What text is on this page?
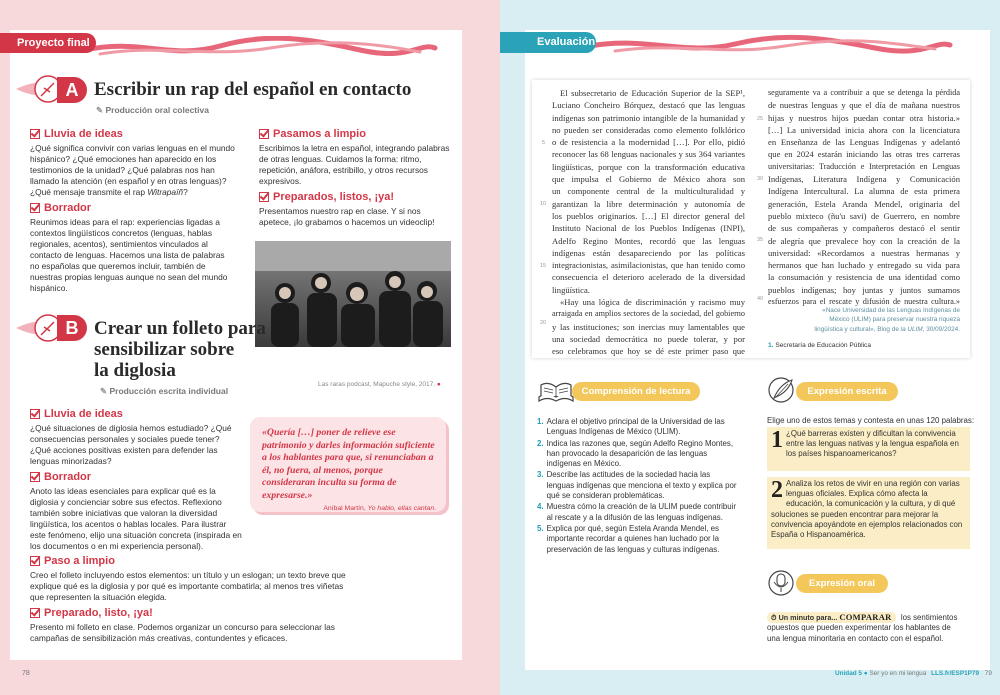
Proyecto final
A Escribir un rap del español en contacto
✎ Producción oral colectiva
Lluvia de ideas
¿Qué significa convivir con varias lenguas en el mundo hispánico? ¿Qué emociones han aparecido en los testimonios de la unidad? ¿Qué palabras nos han llamado la atención (en español y en otras lenguas)? ¿Qué mensaje transmite el rap Witrapaïñ?
Borrador
Reunimos ideas para el rap: experiencias ligadas a contextos lingüísticos concretos (lenguas, hablas regionales, acentos), sentimientos vinculados al contacto de lenguas. Hacemos una lista de palabras no españolas que queremos incluir, también de nuestras propias lenguas aunque no sean del mundo hispánico.
Pasamos a limpio
Escribimos la letra en español, integrando palabras de otras lenguas. Cuidamos la forma: ritmo, repetición, anáfora, estribillo, y otros recursos expresivos.
Preparados, listos, ¡ya!
Presentamos nuestro rap en clase. Y si nos apetece, ¡lo grabamos o hacemos un videoclip!
Las raras podcast, Mapuche style, 2017. ●
B Crear un folleto para
sensibilizar sobre
la diglosia
✎ Producción escrita individual
Lluvia de ideas
¿Qué situaciones de diglosia hemos estudiado? ¿Qué consecuencias personales y sociales puede tener? ¿Qué acciones positivas existen para defender las lenguas minorizadas?
Borrador
Anoto las ideas esenciales para explicar qué es la diglosia y concienciar sobre sus efectos. Reflexiono también sobre iniciativas que valoran la diversidad lingüística, los acentos o hablas locales. Para ilustrar este fenómeno, elijo una situación concreta (inspirada en los documentos o en mi experiencia personal).
«Quería […] poner de relieve ese patrimonio y darles información suficiente a los hablantes para que, si renunciaban a él, no fuera, al menos, porque consideraran inculta su forma de expresarse.»
Aníbal Martín, Yo hablo, ellas cantan.
Paso a limpio
Creo el folleto incluyendo estos elementos: un título y un eslogan; un texto breve que explique qué es la diglosia y por qué es importante combatirla; al menos tres viñetas que representen la situación elegida.
Preparado, listo, ¡ya!
Presento mi folleto en clase. Podemos organizar un concurso para seleccionar las campañas de sensibilización más creativas, contundentes y eficaces.
78
Evaluación
El subsecretario de Educación Superior de la SEP¹,
Luciano Concheiro Bórquez, destacó que las lenguas
indígenas son patrimonio intangible de la humanidad y
no pueden ser consideradas como elemento folklórico
o de resistencia a la modernidad […]. Por ello, pidió
reconocer las 68 lenguas nacionales y sus 364 variantes
lingüísticas, porque con la transformación educativa
que impulsa el Gobierno de México ahora son
un componente central de la multiculturalidad y
garantizan la libre determinación y autonomía de
los pueblos originarios. […] El director general del
Instituto Nacional de los Pueblos Indígenas (INPI),
Adelfo Regino Montes, recordó que las lenguas
indígenas están desapareciendo por las políticas
integracionistas, asimilacionistas, que han tenido como
consecuencia el deterioro acelerado de la diversidad
lingüística.
«Hay una lógica de discriminación y racismo muy
arraigada en amplios sectores de la sociedad, del gobierno
y las instituciones; son inercias muy lamentables que
una sociedad democrática no puede tolerar, y por
eso celebramos que hoy se dé este primer paso que
seguramente va a contribuir a que se detenga la pérdida
de nuestras lenguas y que el día de mañana nuestros
hijas y nuestros hijos puedan contar otra historia.»
[…] La universidad inicia ahora con la licenciatura
en Enseñanza de las Lenguas Indígenas y adelantó
que en 2024 estarán iniciando las otras tres carreras
universitarias: Traducción e Interpretación en Lenguas
Indígenas, Literatura Indígena y Comunicación
Indígena Intercultural. La alumna de esta primera
generación, Estela Aranda Mendel, originaria del
pueblo mixteco (ñu'u savi) de Guerrero, en nombre
de sus compañeras y compañeros destacó el sentir
de alegría que prevalece hoy con la creación de la
universidad: «Recordamos a nuestras hermanas y
hermanos que han luchado y entregado su vida para
la consumación y resistencia de una identidad como
pueblos indígenas; hoy juntas y juntos sumamos
esfuerzos para el rescate y difusión de nuestra cultura.»
5
10
15
20
25
30
35
40
«Nace Universidad de las Lenguas Indígenas de
México (ULIM) para preservar nuestra riqueza
lingüística y cultural», Blog de la ULIM, 30/09/2024.
1. Secretaría de Educación Pública
Comprensión de lectura
1. Aclara el objetivo principal de la Universidad de las Lenguas Indígenas de México (ULIM).
2. Indica las razones que, según Adelfo Regino Montes, han provocado la desaparición de las lenguas indígenas en México.
3. Describe las actitudes de la sociedad hacia las lenguas indígenas que menciona el texto y explica por qué se consideran problemáticas.
4. Muestra cómo la creación de la ULIM puede contribuir al rescate y a la difusión de las lenguas indígenas.
5. Explica por qué, según Estela Aranda Mendel, es importante recordar a quienes han luchado por la preservación de las lenguas y culturas indígenas.
Expresión escrita
Elige uno de estos temas y contesta en unas 120 palabras:
1 ¿Qué barreras existen y dificultan la convivencia entre las lenguas nativas y la lengua española en los países hispanoamericanos?
2 Analiza los retos de vivir en una región con varias lenguas oficiales. Explica cómo afecta la educación, la comunicación y la cultura, y di qué soluciones se pueden encontrar para mejorar la convivencia apoyándote en ejemplos relacionados con España o Hispanoamérica.
Expresión oral
⏱ Un minuto para... COMPARAR los sentimientos
opuestos que pueden experimentar los hablantes de
una lengua minoritaria en contacto con el español.
Unidad 5 ● Ser yo en mi lengua LLS.fr/ESP1P79 79
